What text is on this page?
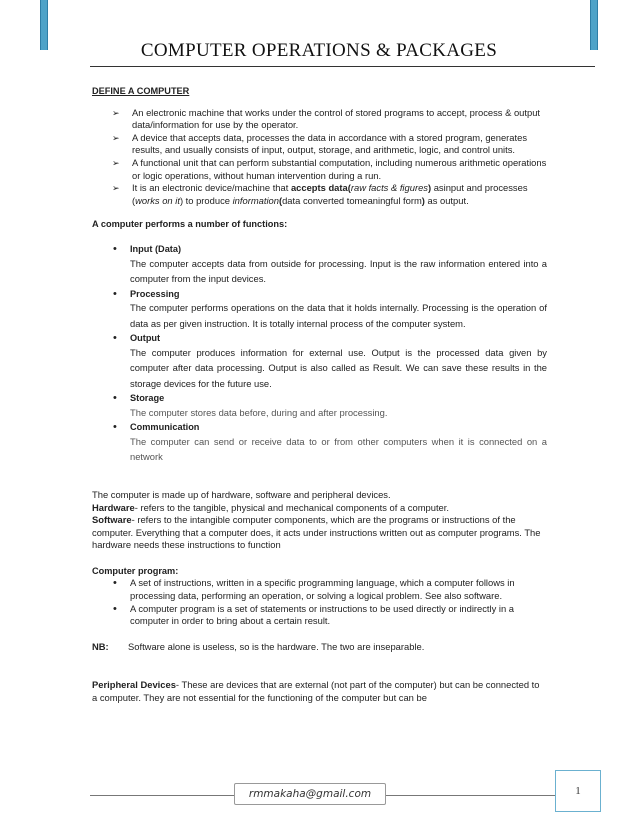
COMPUTER OPERATIONS & PACKAGES
DEFINE A COMPUTER
➢ An electronic machine that works under the control of stored programs to accept, process & output data/information for use by the operator.
➢ A device that accepts data, processes the data in accordance with a stored program, generates results, and usually consists of input, output, storage, and arithmetic, logic, and control units.
➢ A functional unit that can perform substantial computation, including numerous arithmetic operations or logic operations, without human intervention during a run.
➢ It is an electronic device/machine that accepts data(raw facts & figures) asinput and processes (works on it) to produce information(data converted tomeaningful form) as output.
A computer performs a number of functions:
• Input (Data)
The computer accepts data from outside for processing. Input is the raw information entered into a computer from the input devices.
• Processing
The computer performs operations on the data that it holds internally. Processing is the operation of data as per given instruction. It is totally internal process of the computer system.
• Output
The computer produces information for external use. Output is the processed data given by computer after data processing. Output is also called as Result. We can save these results in the storage devices for the future use.
• Storage
The computer stores data before, during and after processing.
• Communication
The computer can send or receive data to or from other computers when it is connected on a network

The computer is made up of hardware, software and peripheral devices.

Hardware- refers to the tangible, physical and mechanical components of a computer.

Software- refers to the intangible computer components, which are the programs or instructions of the computer. Everything that a computer does, it acts under instructions written out as computer programs. The hardware needs these instructions to function

Computer program:
• A set of instructions, written in a specific programming language, which a computer follows in processing data, performing an operation, or solving a logical problem. See also software.
• A computer program is a set of statements or instructions to be used directly or indirectly in a computer in order to bring about a certain result.
NB:	Software alone is useless, so is the hardware. The two are inseparable.

Peripheral Devices- These are devices that are external (not part of the computer) but can be connected to a computer. They are not essential for the functioning of the computer but can be

rmmakaha@gmail.com	1
